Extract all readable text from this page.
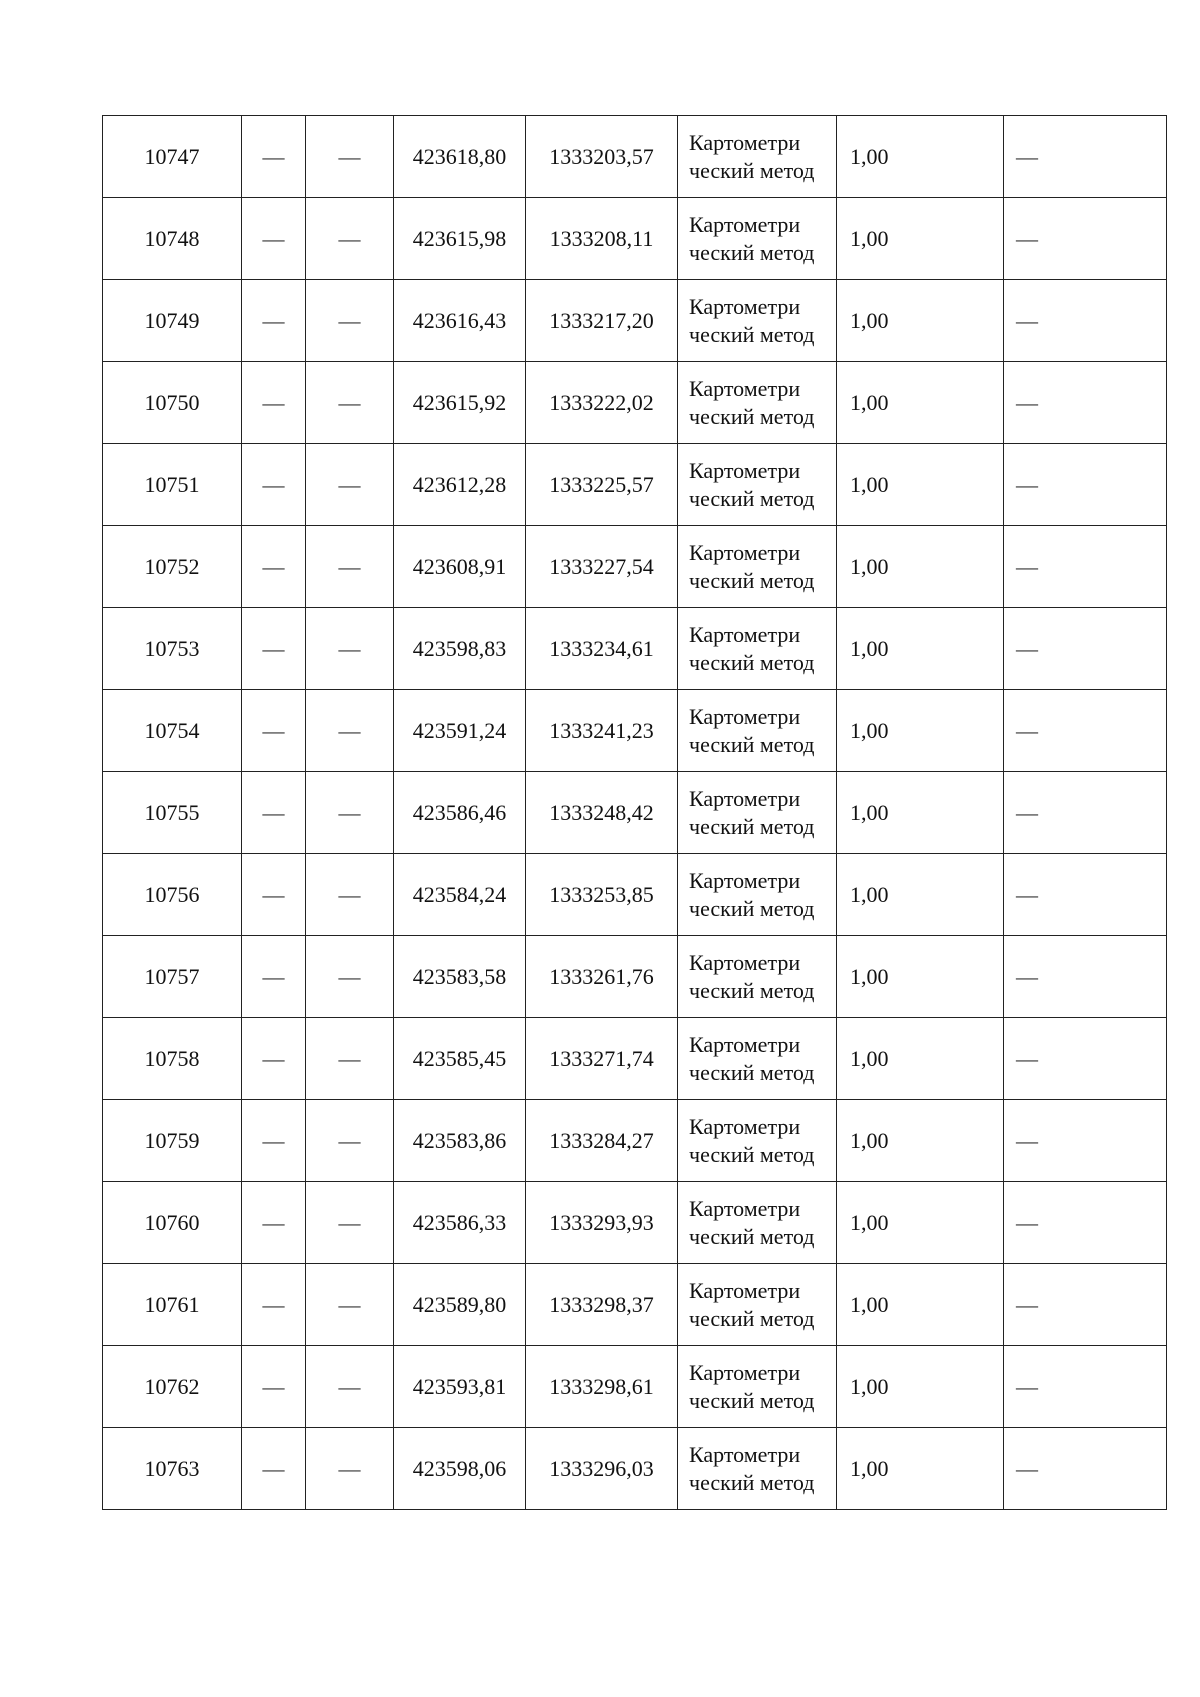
10747	—	—	423618,80	1333203,57	Картометри ческий метод	1,00	—
10748	—	—	423615,98	1333208,11	Картометри ческий метод	1,00	—
10749	—	—	423616,43	1333217,20	Картометри ческий метод	1,00	—
10750	—	—	423615,92	1333222,02	Картометри ческий метод	1,00	—
10751	—	—	423612,28	1333225,57	Картометри ческий метод	1,00	—
10752	—	—	423608,91	1333227,54	Картометри ческий метод	1,00	—
10753	—	—	423598,83	1333234,61	Картометри ческий метод	1,00	—
10754	—	—	423591,24	1333241,23	Картометри ческий метод	1,00	—
10755	—	—	423586,46	1333248,42	Картометри ческий метод	1,00	—
10756	—	—	423584,24	1333253,85	Картометри ческий метод	1,00	—
10757	—	—	423583,58	1333261,76	Картометри ческий метод	1,00	—
10758	—	—	423585,45	1333271,74	Картометри ческий метод	1,00	—
10759	—	—	423583,86	1333284,27	Картометри ческий метод	1,00	—
10760	—	—	423586,33	1333293,93	Картометри ческий метод	1,00	—
10761	—	—	423589,80	1333298,37	Картометри ческий метод	1,00	—
10762	—	—	423593,81	1333298,61	Картометри ческий метод	1,00	—
10763	—	—	423598,06	1333296,03	Картометри ческий метод	1,00	—
